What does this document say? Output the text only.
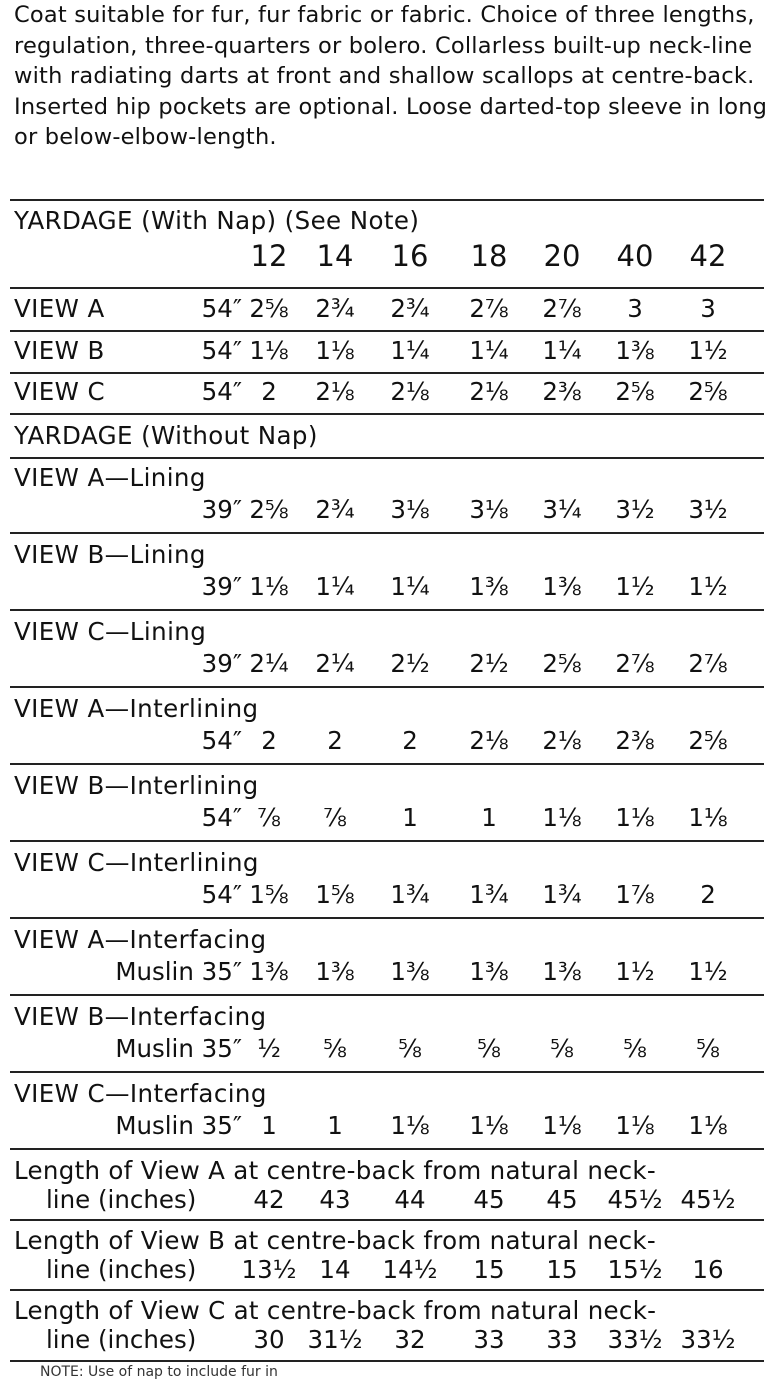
Coat suitable for fur, fur fabric or fabric. Choice of three lengths, regulation, three-quarters or bolero. Collarless built-up neck-line with radiating darts at front and shallow scallops at centre-back. Inserted hip pockets are optional. Loose darted-top sleeve in long or below-elbow-length.

YARDAGE (With Nap) (See Note)
12	14	16	18	20	40	42
VIEW A	54″ 2⅝	2¾	2¾	2⅞	2⅞	3	3
VIEW B	54″ 1⅛	1⅛	1¼	1¼	1¼	1⅜	1½
VIEW C	54″ 2	2⅛	2⅛	2⅛	2⅜	2⅝	2⅝
YARDAGE (Without Nap)
VIEW A—Lining
39″ 2⅝	2¾	3⅛	3⅛	3¼	3½	3½
VIEW B—Lining
39″ 1⅛	1¼	1¼	1⅜	1⅜	1½	1½
VIEW C—Lining
39″ 2¼	2¼	2½	2½	2⅝	2⅞	2⅞
VIEW A—Interlining
54″ 2	2	2	2⅛	2⅛	2⅜	2⅝
VIEW B—Interlining
54″ ⅞	⅞	1	1	1⅛	1⅛	1⅛
VIEW C—Interlining
54″ 1⅝	1⅝	1¾	1¾	1¾	1⅞	2
VIEW A—Interfacing
Muslin 35″ 1⅜	1⅜	1⅜	1⅜	1⅜	1½	1½
VIEW B—Interfacing
Muslin 35″ ½	⅝	⅝	⅝	⅝	⅝	⅝
VIEW C—Interfacing
Muslin 35″ 1	1	1⅛	1⅛	1⅛	1⅛	1⅛
Length of View A at centre-back from natural neck-
line (inches)	42	43	44	45	45	45½ 45½
Length of View B at centre-back from natural neck-
line (inches) 13½ 14	14½	15	15	15½	16
Length of View C at centre-back from natural neck-
line (inches)	30 31½	32	33	33	33½ 33½
NOTE: Use of nap to include fur in
